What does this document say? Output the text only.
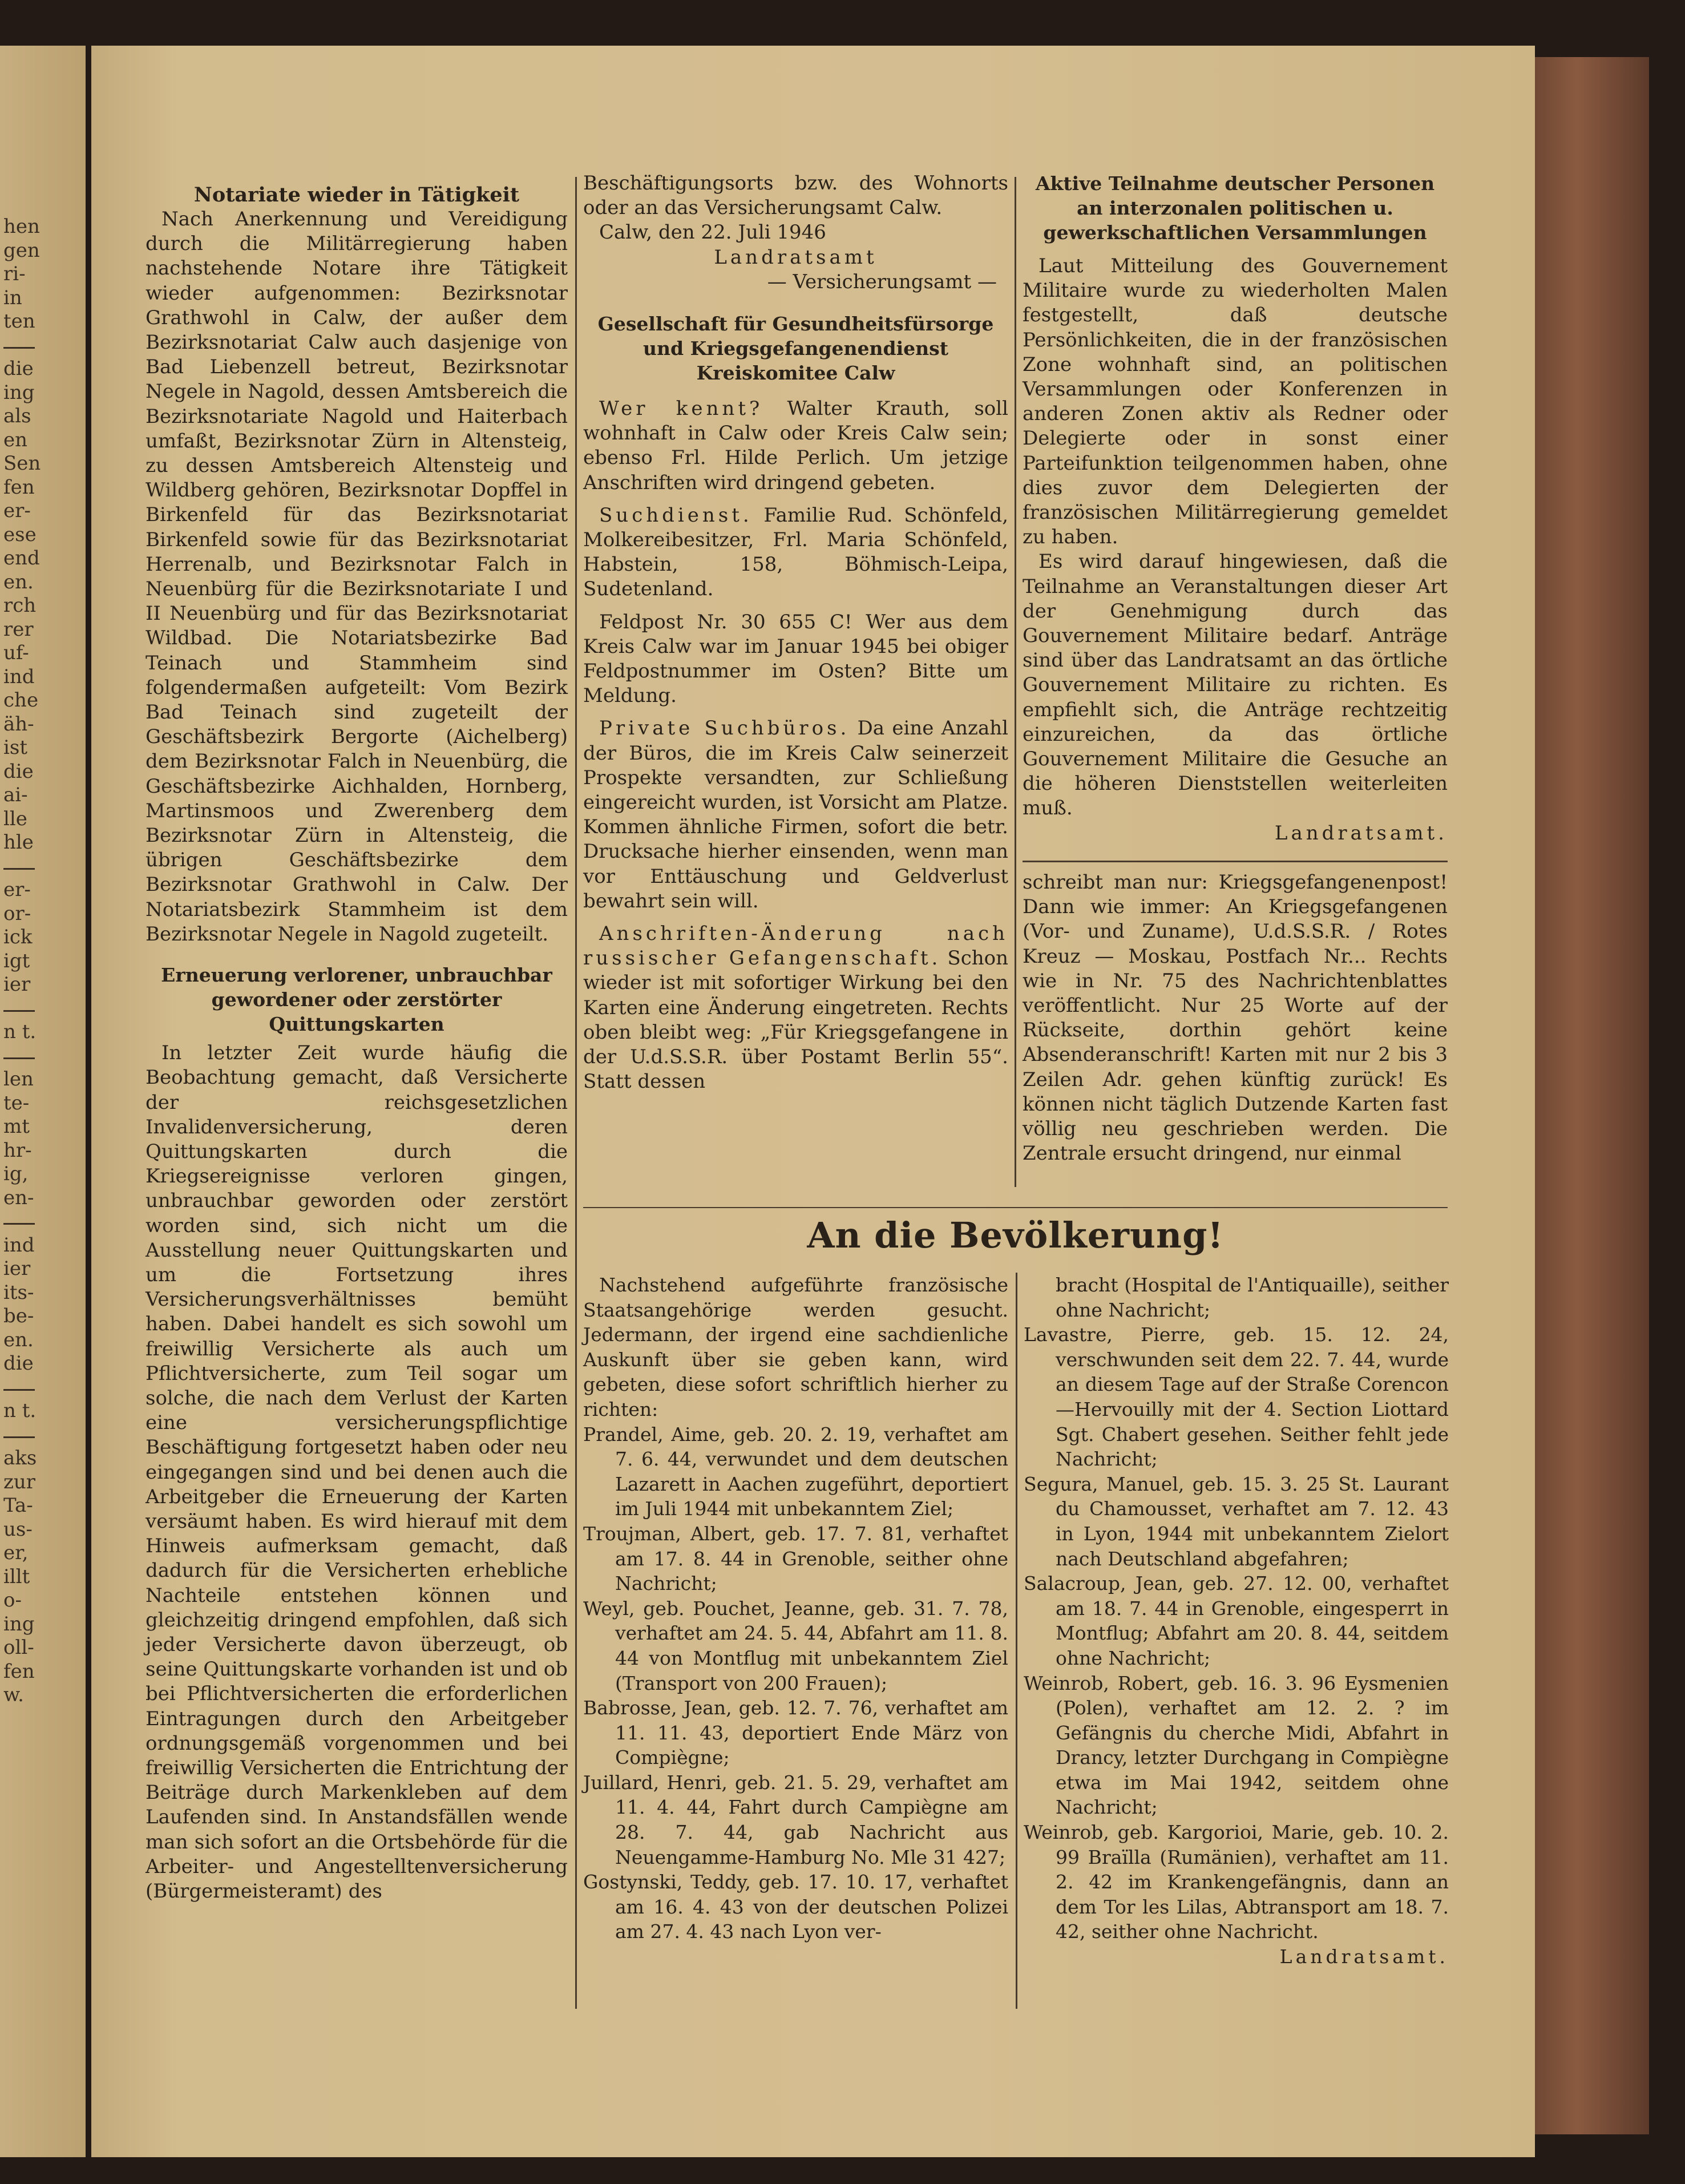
hen
gen
ri-
in
ten
die
ing
als
en
Sen
fen
er-
ese
end
en.
rch
rer
uf-
ind
che
äh-
ist
die
ai-
lle
hle
er-
or-
ick
igt
ier
n t.
len
te-
mt
hr-
ig,
en-
ind
ier
its-
be-
en.
die
n t.
aks
zur
Ta-
us-
er,
illt
o-
ing
oll-
fen
w.
Notariate wieder in Tätigkeit

Nach Anerkennung und Vereidigung durch die Militärregierung haben nachstehende Notare ihre Tätigkeit wieder aufgenommen: Bezirksnotar Grathwohl in Calw, der außer dem Bezirksnotariat Calw auch dasjenige von Bad Liebenzell betreut, Bezirksnotar Negele in Nagold, dessen Amtsbereich die Bezirksnotariate Nagold und Haiterbach umfaßt, Bezirksnotar Zürn in Altensteig, zu dessen Amtsbereich Altensteig und Wildberg gehören, Bezirksnotar Dopffel in Birkenfeld für das Bezirksnotariat Birkenfeld sowie für das Bezirksnotariat Herrenalb, und Bezirksnotar Falch in Neuenbürg für die Bezirksnotariate I und II Neuenbürg und für das Bezirksnotariat Wildbad. Die Notariatsbezirke Bad Teinach und Stammheim sind folgendermaßen aufgeteilt: Vom Bezirk Bad Teinach sind zugeteilt der Geschäftsbezirk Bergorte (Aichelberg) dem Bezirksnotar Falch in Neuenbürg, die Geschäftsbezirke Aichhalden, Hornberg, Martinsmoos und Zwerenberg dem Bezirksnotar Zürn in Altensteig, die übrigen Geschäftsbezirke dem Bezirksnotar Grathwohl in Calw. Der Notariatsbezirk Stammheim ist dem Bezirksnotar Negele in Nagold zugeteilt.

Erneuerung verlorener, unbrauchbar gewordener oder zerstörter Quittungskarten

In letzter Zeit wurde häufig die Beobachtung gemacht, daß Versicherte der reichsgesetzlichen Invalidenversicherung, deren Quittungskarten durch die Kriegsereignisse verloren gingen, unbrauchbar geworden oder zerstört worden sind, sich nicht um die Ausstellung neuer Quittungskarten und um die Fortsetzung ihres Versicherungsverhältnisses bemüht haben. Dabei handelt es sich sowohl um freiwillig Versicherte als auch um Pflichtversicherte, zum Teil sogar um solche, die nach dem Verlust der Karten eine versicherungspflichtige Beschäftigung fortgesetzt haben oder neu eingegangen sind und bei denen auch die Arbeitgeber die Erneuerung der Karten versäumt haben. Es wird hierauf mit dem Hinweis aufmerksam gemacht, daß dadurch für die Versicherten erhebliche Nachteile entstehen können und gleichzeitig dringend empfohlen, daß sich jeder Versicherte davon überzeugt, ob seine Quittungskarte vorhanden ist und ob bei Pflichtversicherten die erforderlichen Eintragungen durch den Arbeitgeber ordnungsgemäß vorgenommen und bei freiwillig Versicherten die Entrichtung der Beiträge durch Markenkleben auf dem Laufenden sind. In Anstandsfällen wende man sich sofort an die Ortsbehörde für die Arbeiter- und Angestelltenversicherung (Bürgermeisteramt) des

Beschäftigungsorts bzw. des Wohnorts oder an das Versicherungsamt Calw.

Calw, den 22. Juli 1946

Landratsamt

— Versicherungsamt —

Gesellschaft für Gesundheitsfürsorge und Kriegsgefangenendienst Kreiskomitee Calw

Wer kennt? Walter Krauth, soll wohnhaft in Calw oder Kreis Calw sein; ebenso Frl. Hilde Perlich. Um jetzige Anschriften wird dringend gebeten.

Suchdienst. Familie Rud. Schönfeld, Molkereibesitzer, Frl. Maria Schönfeld, Habstein, 158, Böhmisch-Leipa, Sudetenland.

Feldpost Nr. 30 655 C! Wer aus dem Kreis Calw war im Januar 1945 bei obiger Feldpostnummer im Osten? Bitte um Meldung.

Private Suchbüros. Da eine Anzahl der Büros, die im Kreis Calw seinerzeit Prospekte versandten, zur Schließung eingereicht wurden, ist Vorsicht am Platze. Kommen ähnliche Firmen, sofort die betr. Drucksache hierher einsenden, wenn man vor Enttäuschung und Geldverlust bewahrt sein will.

Anschriften-Änderung nach russischer Gefangenschaft. Schon wieder ist mit sofortiger Wirkung bei den Karten eine Änderung eingetreten. Rechts oben bleibt weg: „Für Kriegsgefangene in der U.d.S.S.R. über Postamt Berlin 55“. Statt dessen

Aktive Teilnahme deutscher Personen an interzonalen politischen u. gewerkschaftlichen Versammlungen

Laut Mitteilung des Gouvernement Militaire wurde zu wiederholten Malen festgestellt, daß deutsche Persönlichkeiten, die in der französischen Zone wohnhaft sind, an politischen Versammlungen oder Konferenzen in anderen Zonen aktiv als Redner oder Delegierte oder in sonst einer Parteifunktion teilgenommen haben, ohne dies zuvor dem Delegierten der französischen Militärregierung gemeldet zu haben.

Es wird darauf hingewiesen, daß die Teilnahme an Veranstaltungen dieser Art der Genehmigung durch das Gouvernement Militaire bedarf. Anträge sind über das Landratsamt an das örtliche Gouvernement Militaire zu richten. Es empfiehlt sich, die Anträge rechtzeitig einzureichen, da das örtliche Gouvernement Militaire die Gesuche an die höheren Dienststellen weiterleiten muß.

Landratsamt.

schreibt man nur: Kriegsgefangenenpost! Dann wie immer: An Kriegsgefangenen (Vor- und Zuname), U.d.S.S.R. / Rotes Kreuz — Moskau, Postfach Nr... Rechts wie in Nr. 75 des Nachrichtenblattes veröffentlicht. Nur 25 Worte auf der Rückseite, dorthin gehört keine Absenderanschrift! Karten mit nur 2 bis 3 Zeilen Adr. gehen künftig zurück! Es können nicht täglich Dutzende Karten fast völlig neu geschrieben werden. Die Zentrale ersucht dringend, nur einmal

An die Bevölkerung!

Nachstehend aufgeführte französische Staatsangehörige werden gesucht. Jedermann, der irgend eine sachdienliche Auskunft über sie geben kann, wird gebeten, diese sofort schriftlich hierher zu richten:

Prandel, Aime, geb. 20. 2. 19, verhaftet am 7. 6. 44, verwundet und dem deutschen Lazarett in Aachen zugeführt, deportiert im Juli 1944 mit unbekanntem Ziel;

Troujman, Albert, geb. 17. 7. 81, verhaftet am 17. 8. 44 in Grenoble, seither ohne Nachricht;

Weyl, geb. Pouchet, Jeanne, geb. 31. 7. 78, verhaftet am 24. 5. 44, Abfahrt am 11. 8. 44 von Montflug mit unbekanntem Ziel (Transport von 200 Frauen);

Babrosse, Jean, geb. 12. 7. 76, verhaftet am 11. 11. 43, deportiert Ende März von Compiègne;

Juillard, Henri, geb. 21. 5. 29, verhaftet am 11. 4. 44, Fahrt durch Campiègne am 28. 7. 44, gab Nachricht aus Neuengamme-Hamburg No. Mle 31 427;

Gostynski, Teddy, geb. 17. 10. 17, verhaftet am 16. 4. 43 von der deutschen Polizei am 27. 4. 43 nach Lyon ver-

bracht (Hospital de l'Antiquaille), seither ohne Nachricht;

Lavastre, Pierre, geb. 15. 12. 24, verschwunden seit dem 22. 7. 44, wurde an diesem Tage auf der Straße Corencon—Hervouilly mit der 4. Section Liottard Sgt. Chabert gesehen. Seither fehlt jede Nachricht;

Segura, Manuel, geb. 15. 3. 25 St. Laurant du Chamousset, verhaftet am 7. 12. 43 in Lyon, 1944 mit unbekanntem Zielort nach Deutschland abgefahren;

Salacroup, Jean, geb. 27. 12. 00, verhaftet am 18. 7. 44 in Grenoble, eingesperrt in Montflug; Abfahrt am 20. 8. 44, seitdem ohne Nachricht;

Weinrob, Robert, geb. 16. 3. 96 Eysmenien (Polen), verhaftet am 12. 2. ? im Gefängnis du cherche Midi, Abfahrt in Drancy, letzter Durchgang in Compiègne etwa im Mai 1942, seitdem ohne Nachricht;

Weinrob, geb. Kargorioi, Marie, geb. 10. 2. 99 Braïlla (Rumänien), verhaftet am 11. 2. 42 im Krankengefängnis, dann an dem Tor les Lilas, Abtransport am 18. 7. 42, seither ohne Nachricht.

Landratsamt.
